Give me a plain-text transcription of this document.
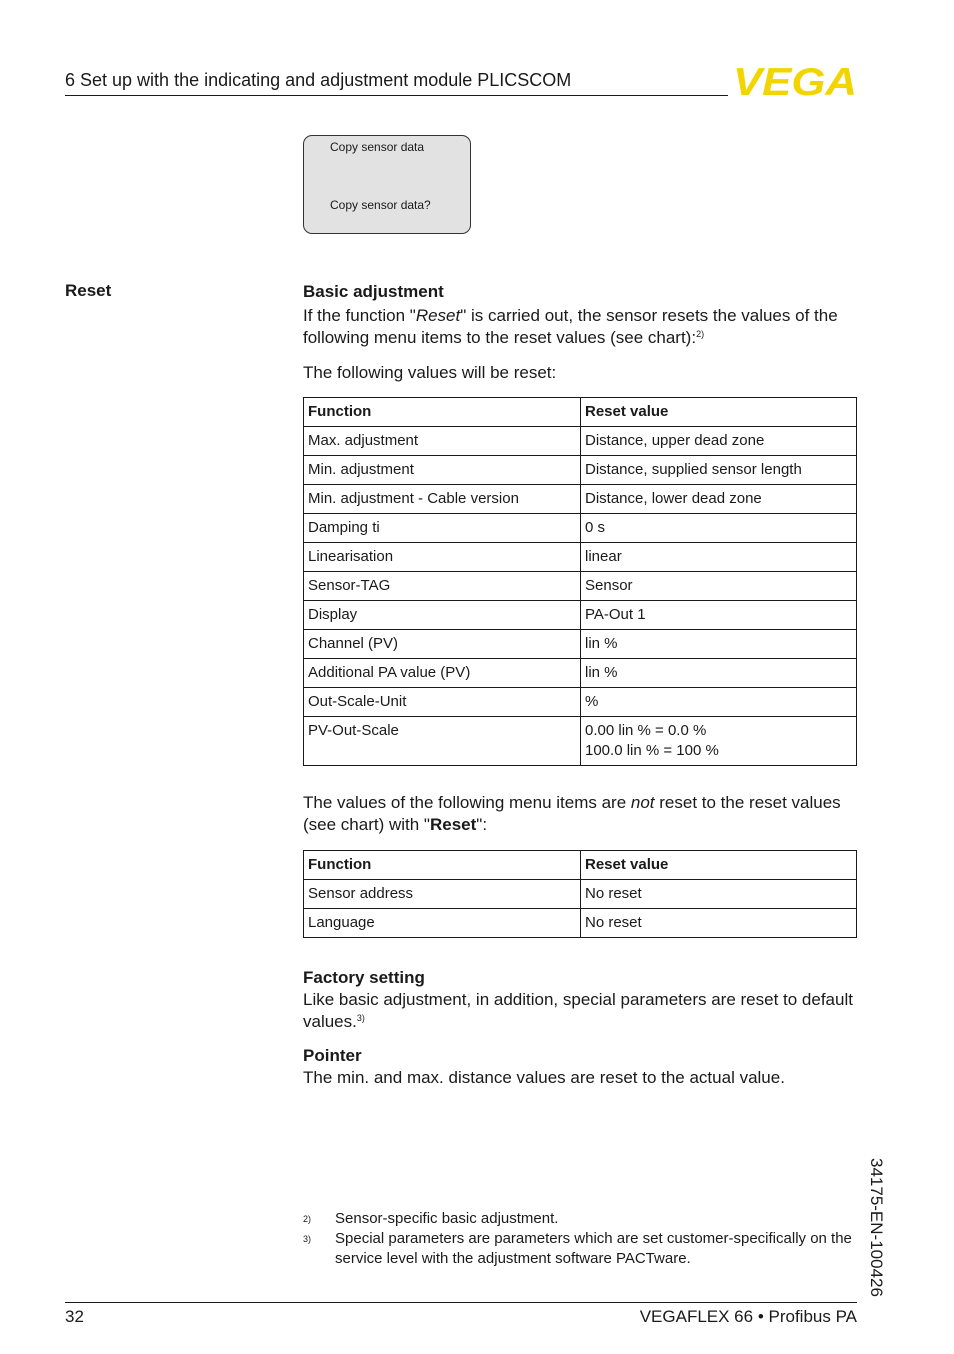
6 Set up with the indicating and adjustment module PLICSCOM	VEGA
Copy sensor data
Copy sensor data?
Reset	Basic adjustment
If the function "Reset" is carried out, the sensor resets the values of the following menu items to the reset values (see chart):$^{2)}$
The following values will be reset:
Function	Reset value
Max. adjustment	Distance, upper dead zone
Min. adjustment	Distance, supplied sensor length
Min. adjustment - Cable version	Distance, lower dead zone
Damping ti	0 s
Linearisation	linear
Sensor-TAG	Sensor
Display	PA-Out 1
Channel (PV)	lin %
Additional PA value (PV)	lin %
Out-Scale-Unit	%
PV-Out-Scale	0.00 lin % = 0.0 %
100.0 lin % = 100 %
The values of the following menu items are not reset to the reset values (see chart) with "Reset":
Function	Reset value
Sensor address	No reset
Language	No reset
Factory setting
Like basic adjustment, in addition, special parameters are reset to default values.$^{3)}$
Pointer
The min. and max. distance values are reset to the actual value.
2)	Sensor-specific basic adjustment.
3)	Special parameters are parameters which are set customer-specifically on the service level with the adjustment software PACTware.	34175-EN-100426
32	VEGAFLEX 66 • Profibus PA
